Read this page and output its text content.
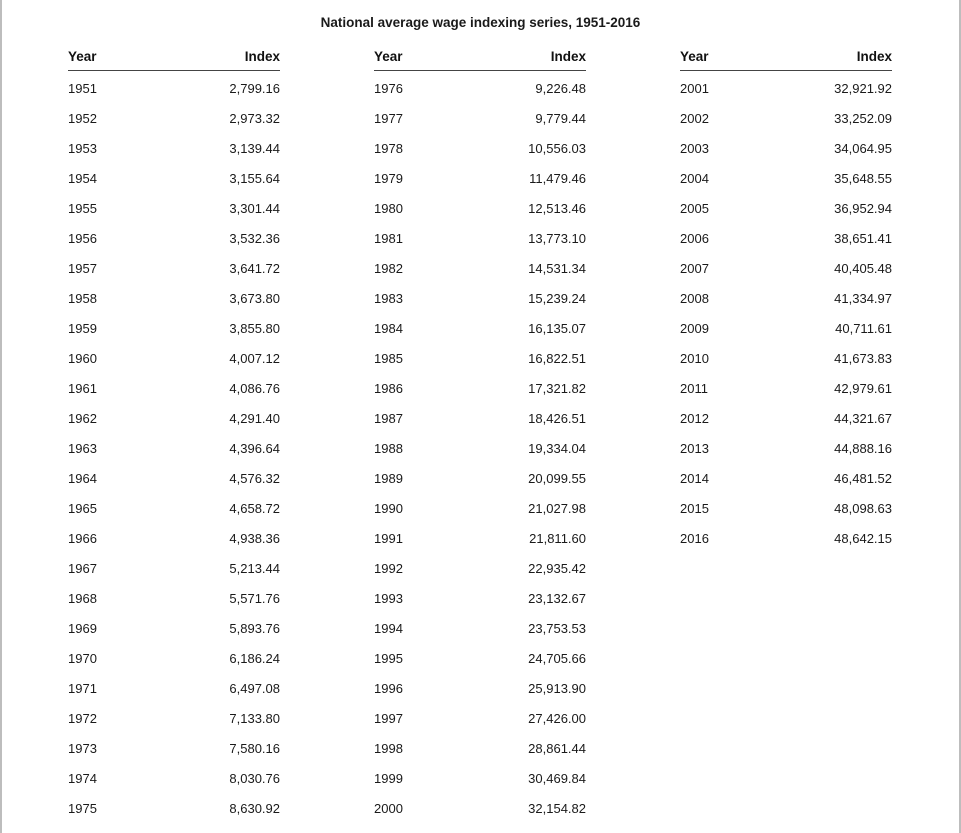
National average wage indexing series, 1951-2016
Year	Index
1951	2,799.16
1952	2,973.32
1953	3,139.44
1954	3,155.64
1955	3,301.44
1956	3,532.36
1957	3,641.72
1958	3,673.80
1959	3,855.80
1960	4,007.12
1961	4,086.76
1962	4,291.40
1963	4,396.64
1964	4,576.32
1965	4,658.72
1966	4,938.36
1967	5,213.44
1968	5,571.76
1969	5,893.76
1970	6,186.24
1971	6,497.08
1972	7,133.80
1973	7,580.16
1974	8,030.76
1975	8,630.92
Year	Index
1976	9,226.48
1977	9,779.44
1978	10,556.03
1979	11,479.46
1980	12,513.46
1981	13,773.10
1982	14,531.34
1983	15,239.24
1984	16,135.07
1985	16,822.51
1986	17,321.82
1987	18,426.51
1988	19,334.04
1989	20,099.55
1990	21,027.98
1991	21,811.60
1992	22,935.42
1993	23,132.67
1994	23,753.53
1995	24,705.66
1996	25,913.90
1997	27,426.00
1998	28,861.44
1999	30,469.84
2000	32,154.82
Year	Index
2001	32,921.92
2002	33,252.09
2003	34,064.95
2004	35,648.55
2005	36,952.94
2006	38,651.41
2007	40,405.48
2008	41,334.97
2009	40,711.61
2010	41,673.83
2011	42,979.61
2012	44,321.67
2013	44,888.16
2014	46,481.52
2015	48,098.63
2016	48,642.15
